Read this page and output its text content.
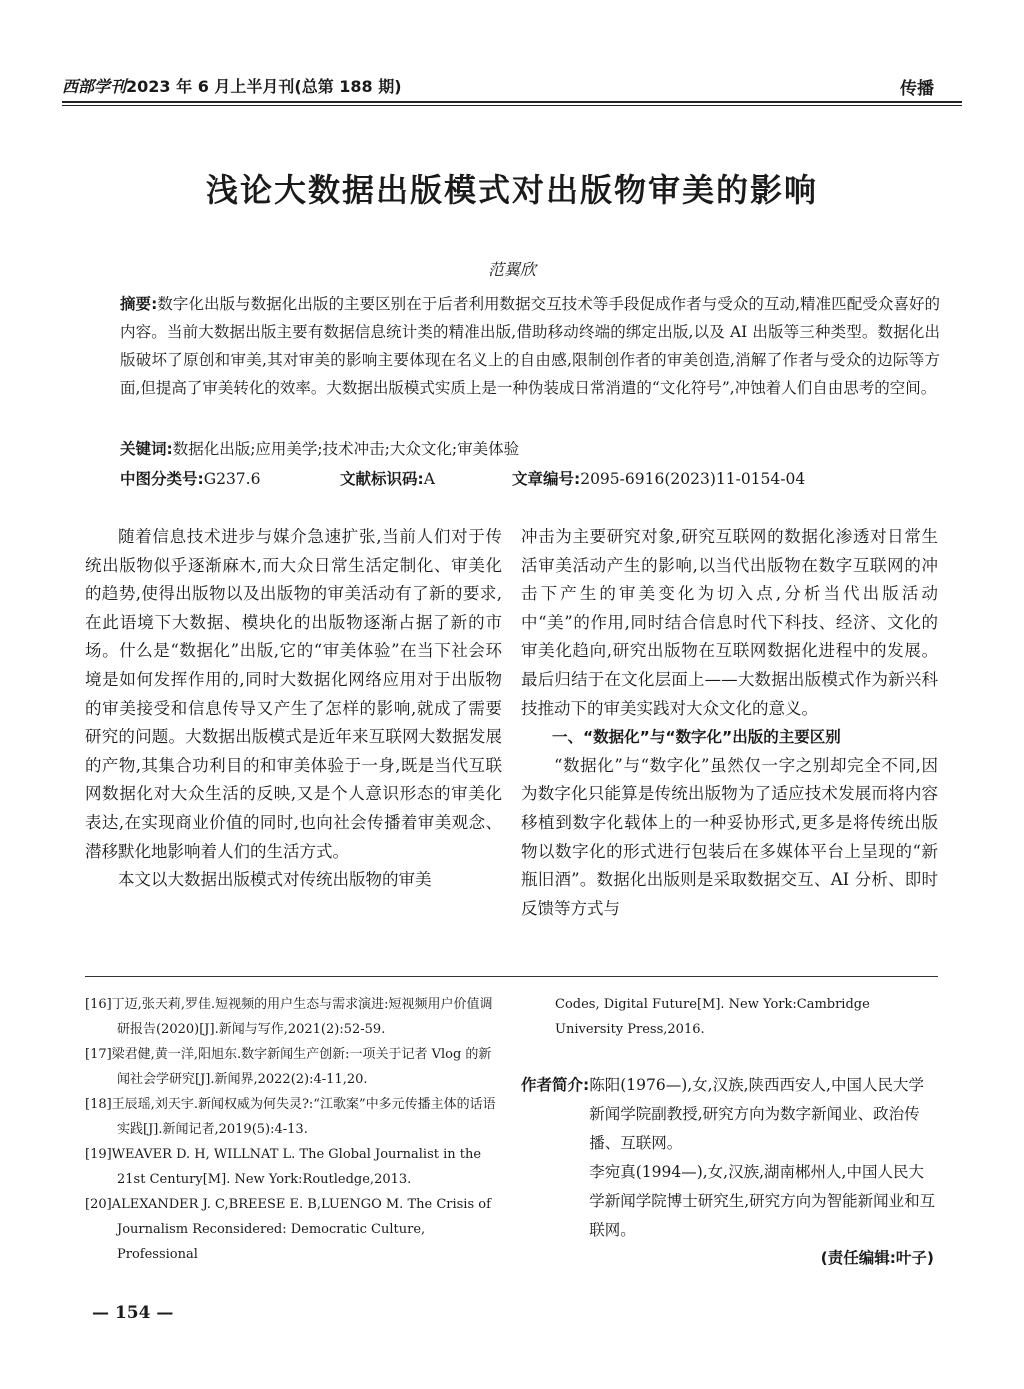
西部学刊2023 年 6 月上半月刊(总第 188 期)	传播
浅论大数据出版模式对出版物审美的影响
范翼欣
摘要:数字化出版与数据化出版的主要区别在于后者利用数据交互技术等手段促成作者与受众的互动,精准匹配受众喜好的内容。当前大数据出版主要有数据信息统计类的精准出版,借助移动终端的绑定出版,以及 AI 出版等三种类型。数据化出版破坏了原创和审美,其对审美的影响主要体现在名义上的自由感,限制创作者的审美创造,消解了作者与受众的边际等方面,但提高了审美转化的效率。大数据出版模式实质上是一种伪装成日常消遣的“文化符号”,冲蚀着人们自由思考的空间。
关键词:数据化出版;应用美学;技术冲击;大众文化;审美体验
中图分类号:G237.6	文献标识码:A	文章编号:2095-6916(2023)11-0154-04

随着信息技术进步与媒介急速扩张,当前人们对于传统出版物似乎逐渐麻木,而大众日常生活定制化、审美化的趋势,使得出版物以及出版物的审美活动有了新的要求,在此语境下大数据、模块化的出版物逐渐占据了新的市场。什么是“数据化”出版,它的“审美体验”在当下社会环境是如何发挥作用的,同时大数据化网络应用对于出版物的审美接受和信息传导又产生了怎样的影响,就成了需要研究的问题。大数据出版模式是近年来互联网大数据发展的产物,其集合功利目的和审美体验于一身,既是当代互联网数据化对大众生活的反映,又是个人意识形态的审美化表达,在实现商业价值的同时,也向社会传播着审美观念、潜移默化地影响着人们的生活方式。

本文以大数据出版模式对传统出版物的审美

冲击为主要研究对象,研究互联网的数据化渗透对日常生活审美活动产生的影响,以当代出版物在数字互联网的冲击下产生的审美变化为切入点,分析当代出版活动中“美”的作用,同时结合信息时代下科技、经济、文化的审美化趋向,研究出版物在互联网数据化进程中的发展。最后归结于在文化层面上——大数据出版模式作为新兴科技推动下的审美实践对大众文化的意义。

一、“数据化”与“数字化”出版的主要区别

“数据化”与“数字化”虽然仅一字之别却完全不同,因为数字化只能算是传统出版物为了适应技术发展而将内容移植到数字化载体上的一种妥协形式,更多是将传统出版物以数字化的形式进行包装后在多媒体平台上呈现的“新瓶旧酒”。数据化出版则是采取数据交互、AI 分析、即时反馈等方式与

[16]丁迈,张天莉,罗佳.短视频的用户生态与需求演进:短视频用户价值调研报告(2020)[J].新闻与写作,2021(2):52-59.
[17]梁君健,黄一洋,阳旭东.数字新闻生产创新:一项关于记者 Vlog 的新闻社会学研究[J].新闻界,2022(2):4-11,20.
[18]王辰瑶,刘天宇.新闻权威为何失灵?:“江歌案”中多元传播主体的话语实践[J].新闻记者,2019(5):4-13.
[19]WEAVER D. H, WILLNAT L. The Global Journalist in the 21st Century[M]. New York:Routledge,2013.
[20]ALEXANDER J. C,BREESE E. B,LUENGO M. The Crisis of Journalism Reconsidered: Democratic Culture, Professional
Codes, Digital Future[M]. New York:Cambridge University Press,2016.
作者简介: 陈阳(1976—),女,汉族,陕西西安人,中国人民大学新闻学院副教授,研究方向为数字新闻业、政治传播、互联网。
李宛真(1994—),女,汉族,湖南郴州人,中国人民大学新闻学院博士研究生,研究方向为智能新闻业和互联网。
(责任编辑:叶子)
— 154 —
